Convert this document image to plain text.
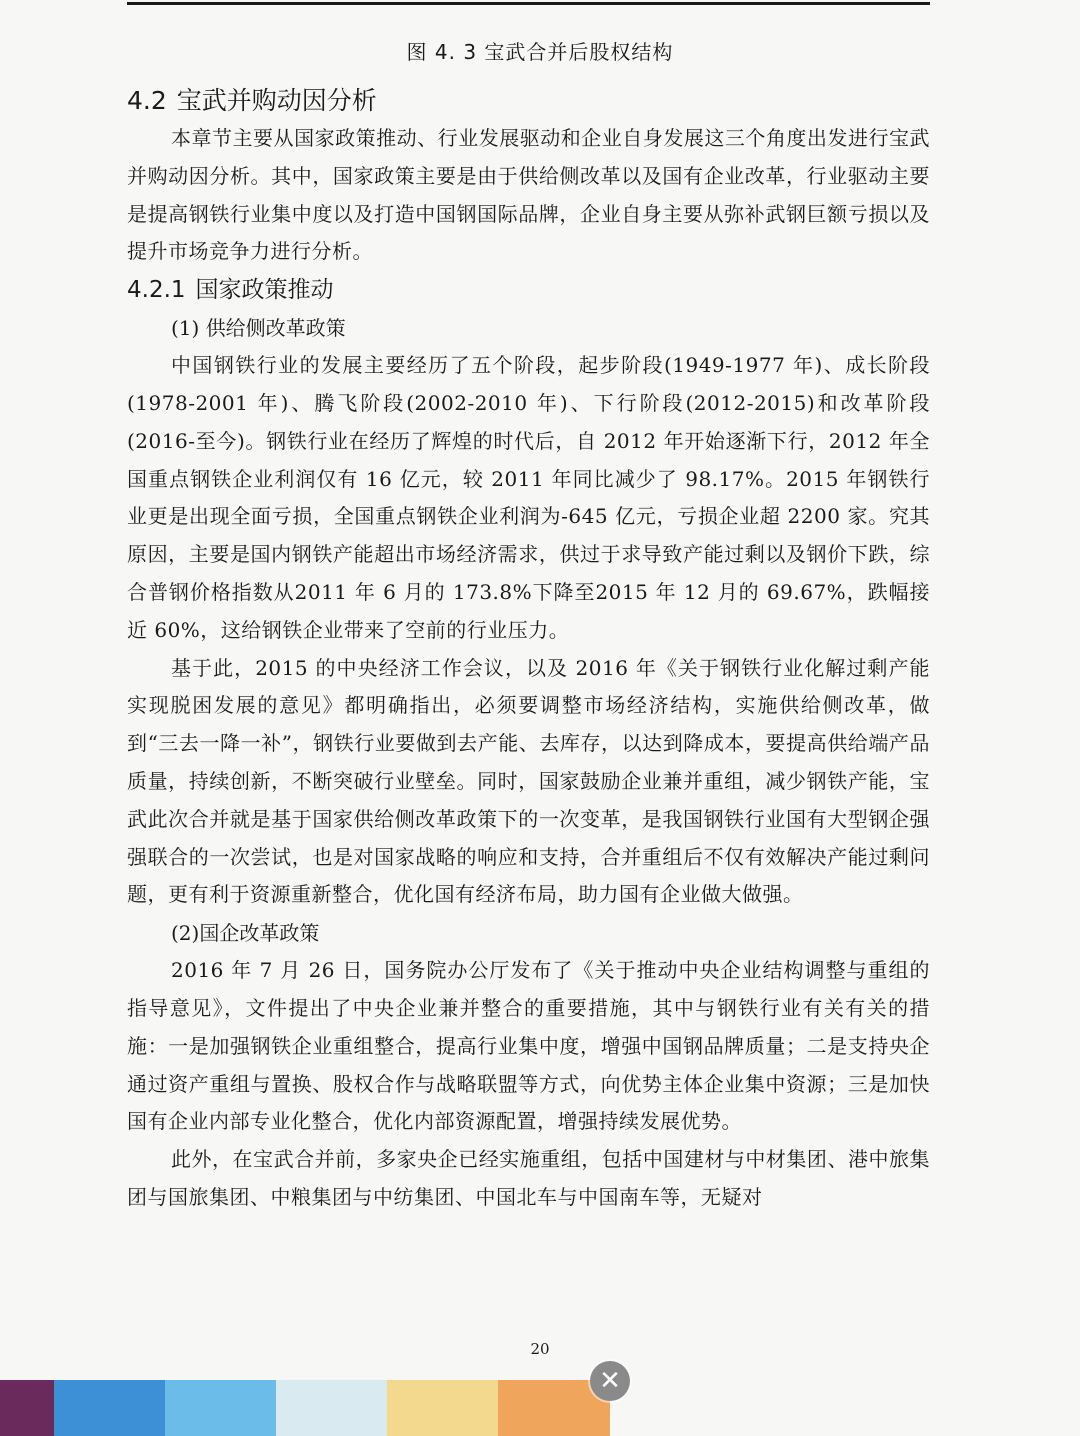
图 4. 3 宝武合并后股权结构
4.2 宝武并购动因分析

本章节主要从国家政策推动、行业发展驱动和企业自身发展这三个角度出发进行宝武并购动因分析。其中，国家政策主要是由于供给侧改革以及国有企业改革，行业驱动主要是提高钢铁行业集中度以及打造中国钢国际品牌，企业自身主要从弥补武钢巨额亏损以及提升市场竞争力进行分析。

4.2.1 国家政策推动
(1) 供给侧改革政策

中国钢铁行业的发展主要经历了五个阶段，起步阶段(1949-1977 年)、成长阶段(1978-2001 年)、腾飞阶段(2002-2010 年)、下行阶段(2012-2015)和改革阶段(2016-至今)。钢铁行业在经历了辉煌的时代后，自 2012 年开始逐渐下行，2012 年全国重点钢铁企业利润仅有 16 亿元，较 2011 年同比减少了 98.17%。2015 年钢铁行业更是出现全面亏损，全国重点钢铁企业利润为-645 亿元，亏损企业超 2200 家。究其原因，主要是国内钢铁产能超出市场经济需求，供过于求导致产能过剩以及钢价下跌，综合普钢价格指数从2011 年 6 月的 173.8%下降至2015 年 12 月的 69.67%，跌幅接近 60%，这给钢铁企业带来了空前的行业压力。

基于此，2015 的中央经济工作会议，以及 2016 年《关于钢铁行业化解过剩产能实现脱困发展的意见》都明确指出，必须要调整市场经济结构，实施供给侧改革，做到“三去一降一补”，钢铁行业要做到去产能、去库存，以达到降成本，要提高供给端产品质量，持续创新，不断突破行业壁垒。同时，国家鼓励企业兼并重组，减少钢铁产能，宝武此次合并就是基于国家供给侧改革政策下的一次变革，是我国钢铁行业国有大型钢企强强联合的一次尝试，也是对国家战略的响应和支持，合并重组后不仅有效解决产能过剩问题，更有利于资源重新整合，优化国有经济布局，助力国有企业做大做强。

(2)国企改革政策

2016 年 7 月 26 日，国务院办公厅发布了《关于推动中央企业结构调整与重组的指导意见》，文件提出了中央企业兼并整合的重要措施，其中与钢铁行业有关有关的措施：一是加强钢铁企业重组整合，提高行业集中度，增强中国钢品牌质量；二是支持央企通过资产重组与置换、股权合作与战略联盟等方式，向优势主体企业集中资源；三是加快国有企业内部专业化整合，优化内部资源配置，增强持续发展优势。

此外，在宝武合并前，多家央企已经实施重组，包括中国建材与中材集团、港中旅集团与国旅集团、中粮集团与中纺集团、中国北车与中国南车等，无疑对

20
✕
